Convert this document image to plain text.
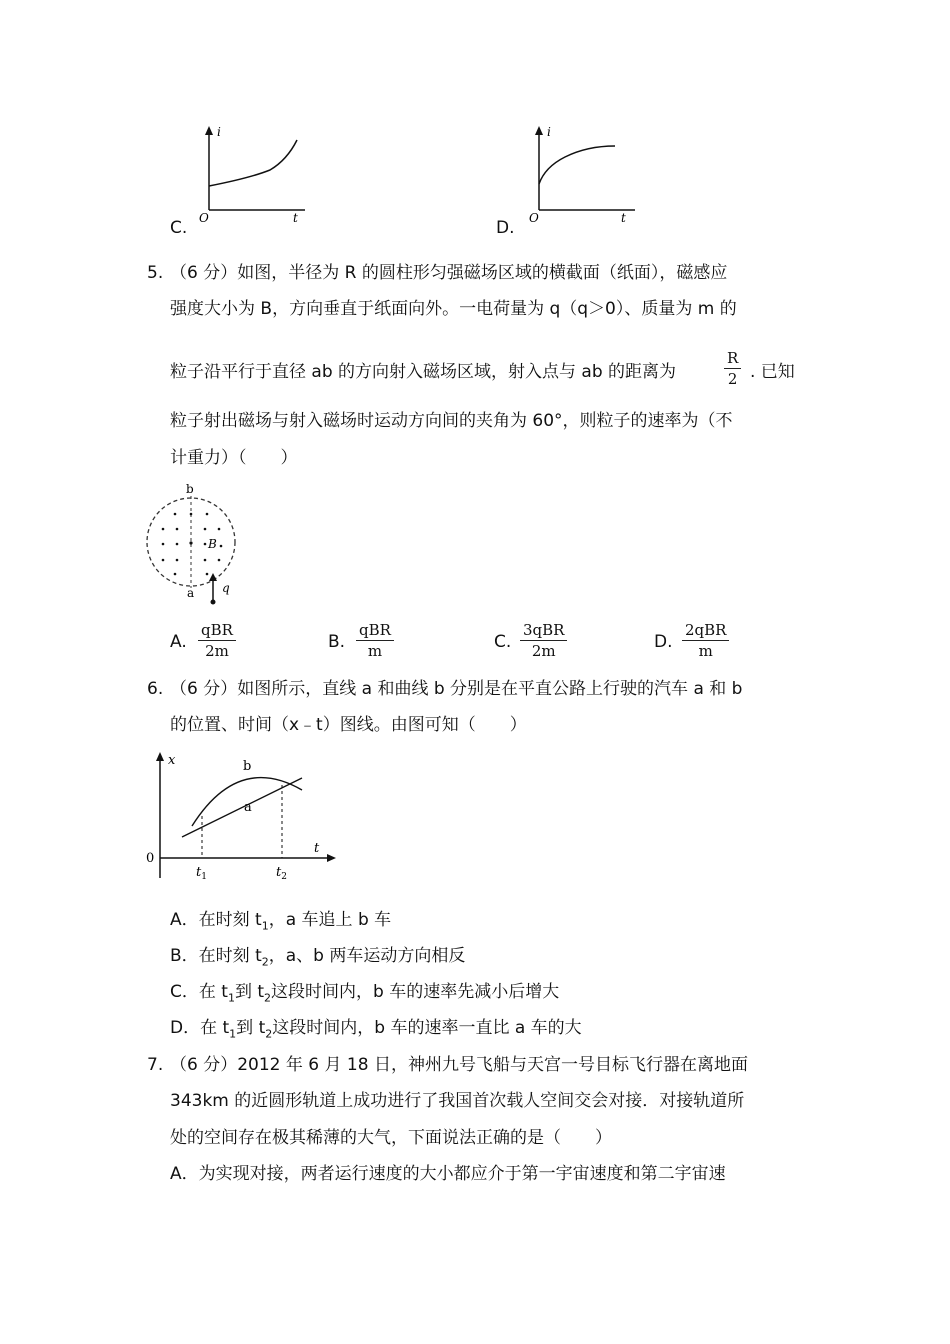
i
t
O
C.
i
t
O
D.
5. （6 分）如图，半径为 R 的圆柱形匀强磁场区域的横截面（纸面），磁感应
强度大小为 B，方向垂直于纸面向外。一电荷量为 q（q＞0）、质量为 m 的
粒子沿平行于直径 ab 的方向射入磁场区域，射入点与 ab 的距离为	$\frac{R}{2}$ . 已知
粒子射出磁场与射入磁场时运动方向间的夹角为 60°，则粒子的速率为（不
计重力）（　　）
b
a
B
q
A.
qBR
2m	B.
qBR
m	C.
3qBR
2m	D.
2qBR
m
6. （6 分）如图所示，直线 a 和曲线 b 分别是在平直公路上行驶的汽车 a 和 b
的位置、时间（x﹣t）图线。由图可知（　　）
x
t
0
b
a
$t_1$	$t_2$
A．在时刻 $t_1$，a 车追上 b 车
B．在时刻 $t_2$，a、b 两车运动方向相反
C．在 $t_1$到 $t_2$这段时间内，b 车的速率先减小后增大
D．在 $t_1$到 $t_2$这段时间内，b 车的速率一直比 a 车的大
7. （6 分）2012 年 6 月 18 日，神州九号飞船与天宫一号目标飞行器在离地面
343km 的近圆形轨道上成功进行了我国首次载人空间交会对接．对接轨道所
处的空间存在极其稀薄的大气，下面说法正确的是（　　）
A．为实现对接，两者运行速度的大小都应介于第一宇宙速度和第二宇宙速
